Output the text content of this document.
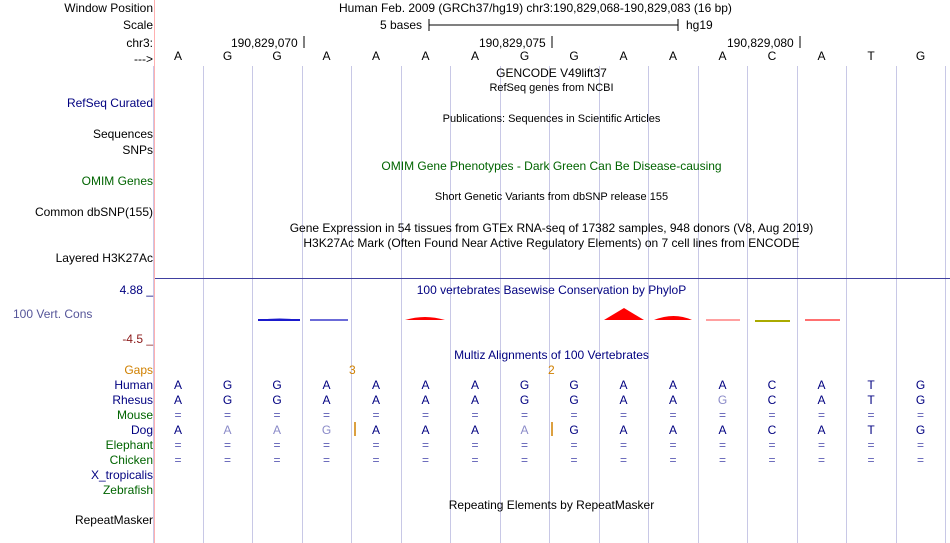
Window Position	Human Feb. 2009 (GRCh37/hg19) chr3:190,829,068-190,829,083 (16 bp)
Scale	5 bases	hg19
chr3:	190,829,070	190,829,075	190,829,080
--->	A	G	G	A	A	A	A	G	G	A	A	A	C	A	T	G
GENCODE V49lift37
RefSeq genes from NCBI
RefSeq Curated
Publications: Sequences in Scientific Articles
Sequences
SNPs
OMIM Gene Phenotypes - Dark Green Can Be Disease-causing
OMIM Genes
Short Genetic Variants from dbSNP release 155
Common dbSNP(155)
Gene Expression in 54 tissues from GTEx RNA-seq of 17382 samples, 948 donors (V8, Aug 2019)
H3K27Ac Mark (Often Found Near Active Regulatory Elements) on 7 cell lines from ENCODE
Layered H3K27Ac
4.88 _	100 vertebrates Basewise Conservation by PhyloP
100 Vert. Cons
-4.5 _
Multiz Alignments of 100 Vertebrates
Gaps	3	2
Human	A	G	G	A	A	A	A	G	G	A	A	A	C	A	T	G
Rhesus	A	G	G	A	A	A	A	G	G	A	A	G	C	A	T	G
Mouse	=	=	=	=	=	=	=	=	=	=	=	=	=	=	=	=
Dog	A	A	A	G	A	A	A	A	G	A	A	A	C	A	T	G
Elephant	=	=	=	=	=	=	=	=	=	=	=	=	=	=	=	=
Chicken	=	=	=	=	=	=	=	=	=	=	=	=	=	=	=	=
X_tropicalis
Zebrafish
Repeating Elements by RepeatMasker
RepeatMasker
